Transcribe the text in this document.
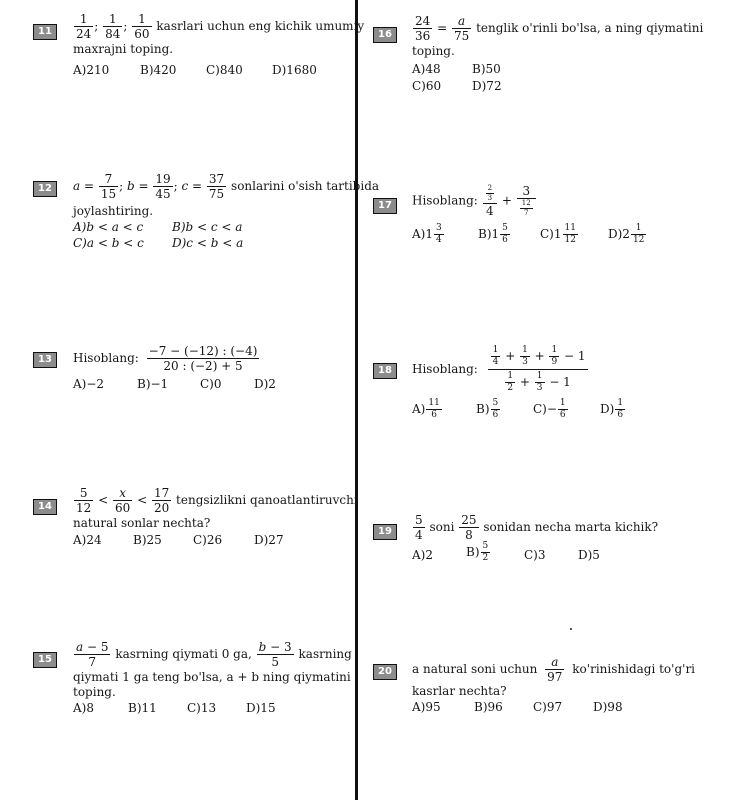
11	$\frac{1}{24}$ ; $\frac{1}{84}$ ; $\frac{1}{60}$ kasrlari uchun eng kichik umumiy
maxrajni toping.
A)210	B)420 C)840 D)1680
12	$a = \frac{7}{15}$ ; $b = \frac{19}{45}$ ; $c = \frac{37}{75}$ sonlarini o'sish tartibida
joylashtiring.
A)b < a < c B)b < c < a
C)a < b < c D)c < b < a
13	Hisoblang: $\frac{-7 - (-12) : (-4)}{20 : (-2) + 5}$
A)−2	B)−1	C)0	D)2
14	$\frac{5}{12} < \frac{x}{60} < \frac{17}{20}$ tengsizlikni qanoatlantiruvchi
natural sonlar nechta?
A)24	B)25	C)26	D)27
15	$\frac{a - 5}{7}$ kasrning qiymati 0 ga, $\frac{b - 3}{5}$ kasrning
qiymati 1 ga teng bo'lsa, a + b ning qiymatini
toping.
A)8	B)11	C)13 D)15
16	$\frac{24}{36} = \frac{a}{75}$ tenglik o'rinli bo'lsa, a ning qiymatini
toping.
A)48	B)50
C)60	D)72
17	Hisoblang: $\frac{\frac{2}{3}}{4} + \frac{3}{\frac{12}{7}}$
$A)1 \frac{3}{4}$	$B)1 \frac{5}{6}$	$C)1 \frac{11}{12}$	$D)2 \frac{1}{12}$
18	Hisoblang: $\frac{\frac{1}{4} + \frac{1}{3} + \frac{1}{9} - 1}{\frac{1}{2} + \frac{1}{3} - 1}$
$A) \frac{11}{6}$	$B) \frac{5}{6}$	$C)- \frac{1}{6}$	$D) \frac{1}{6}$
19	$\frac{5}{4}$ soni $\frac{25}{8}$ sonidan necha marta kichik?
A)2	$B) \frac{5}{2}$	C)3	D)5
20	a natural soni uchun $\frac{a}{97}$ ko'rinishidagi to'g'ri
kasrlar nechta?
A)95	B)96	C)97	D)98
